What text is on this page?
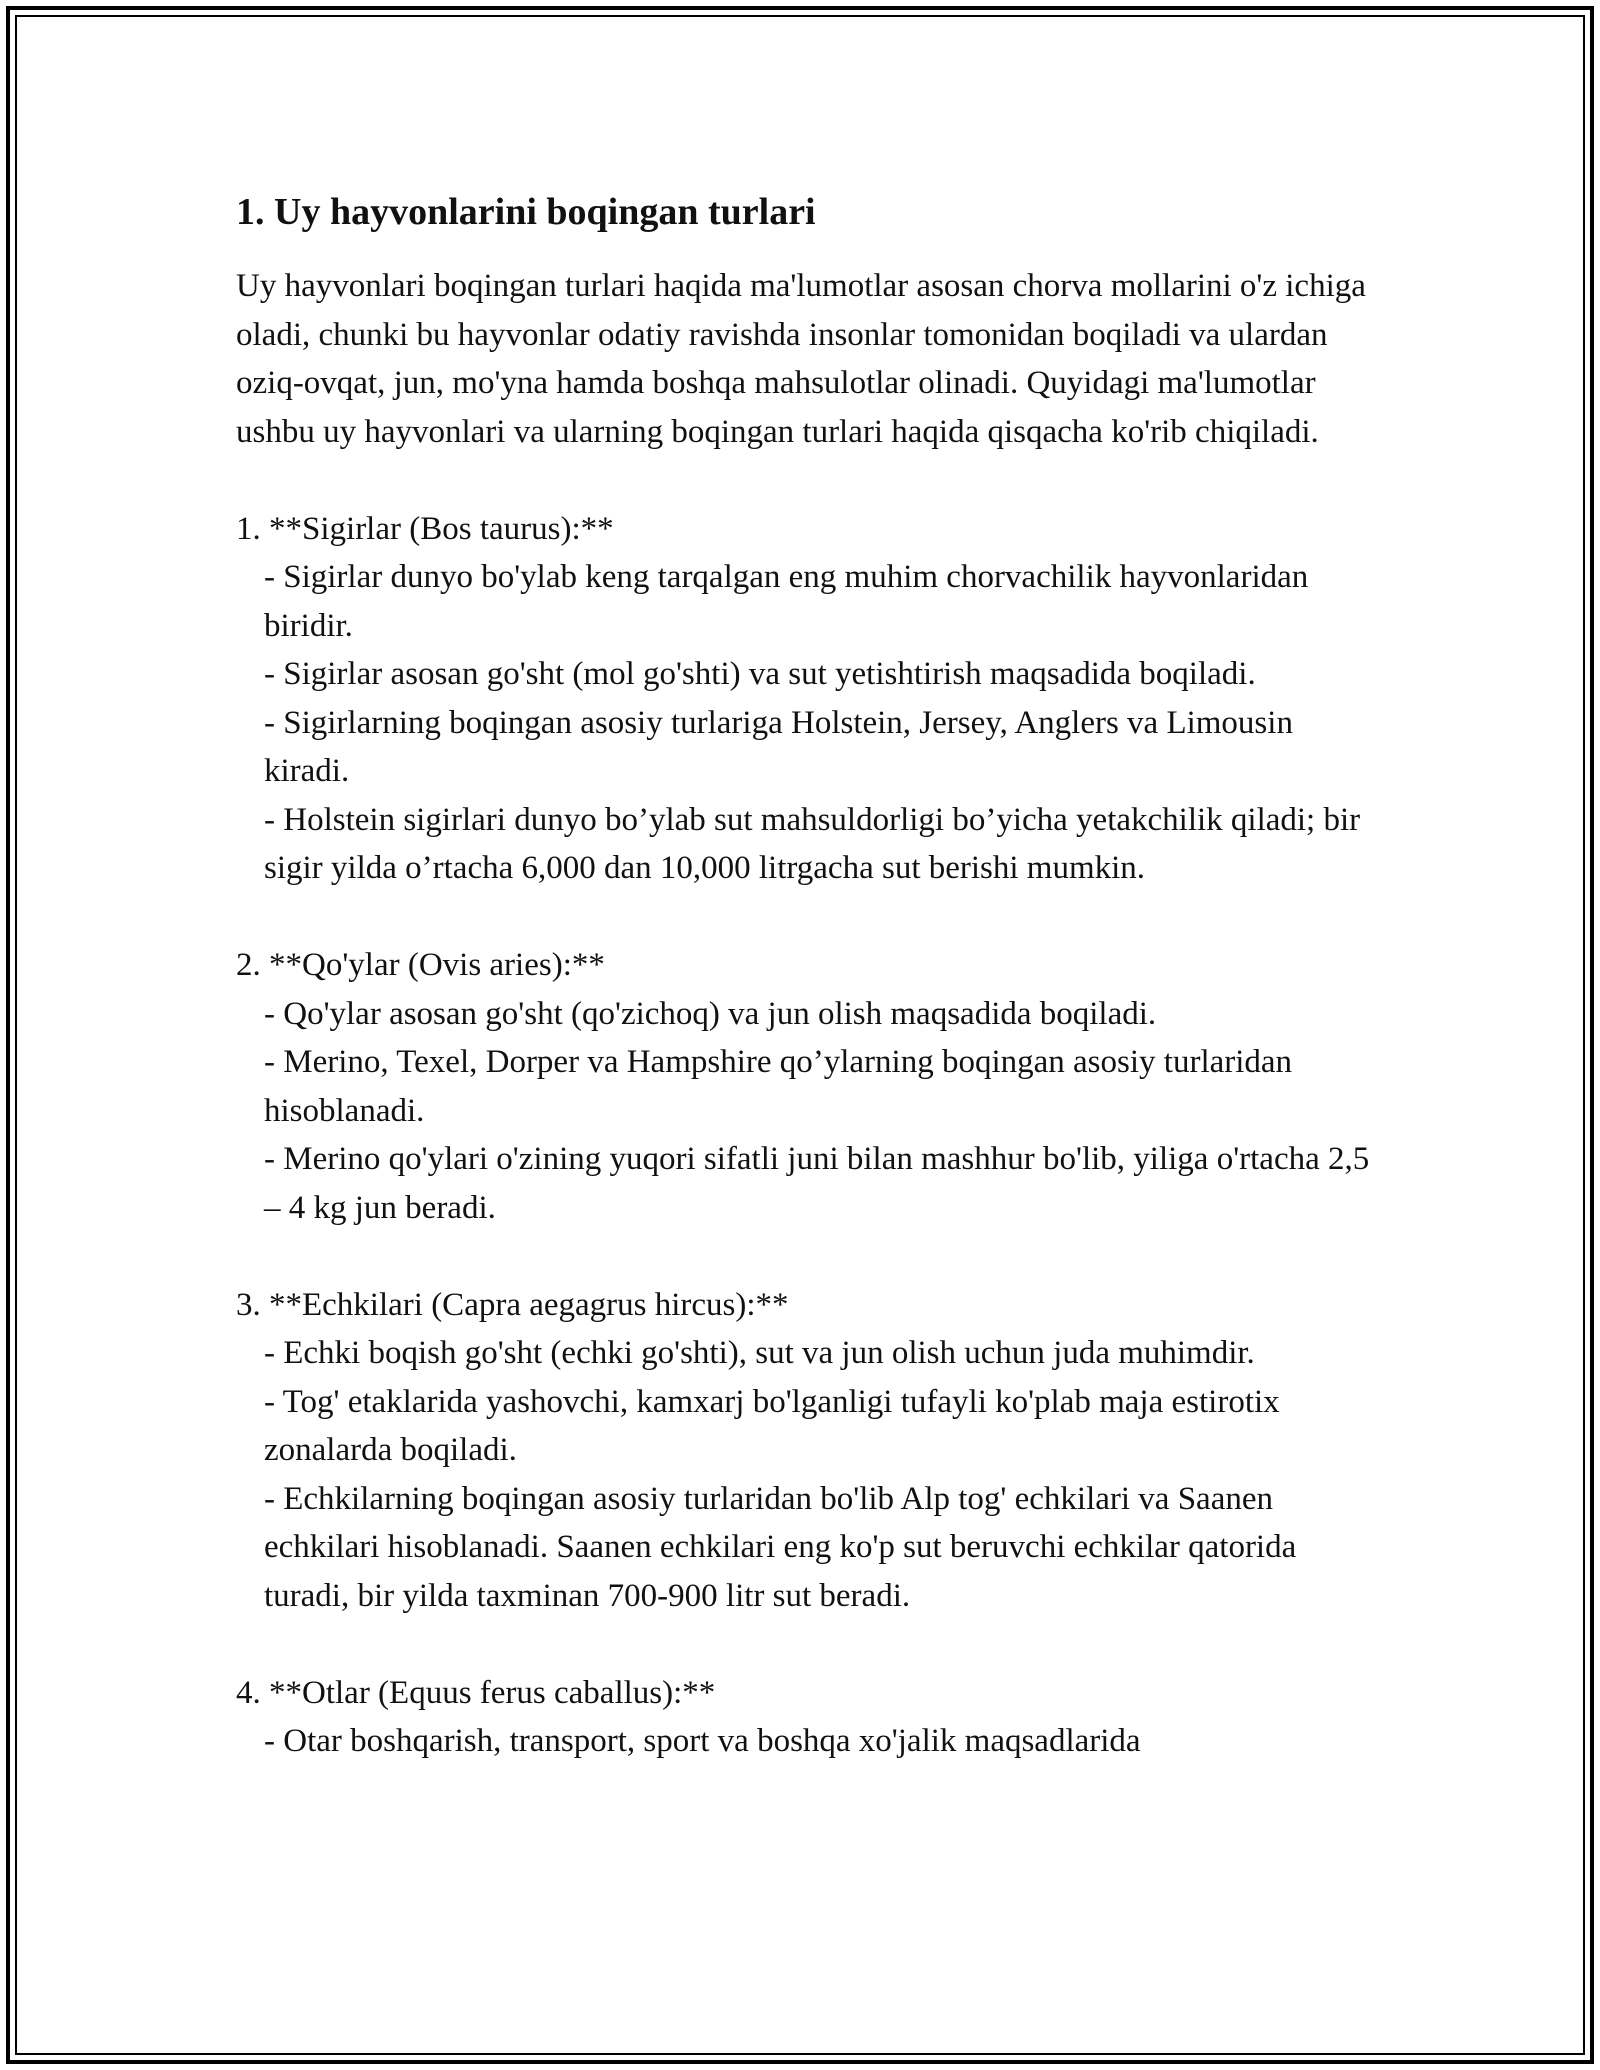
1. Uy hayvonlarini boqingan turlari

Uy hayvonlari boqingan turlari haqida ma'lumotlar asosan chorva mollarini o'z ichiga oladi, chunki bu hayvonlar odatiy ravishda insonlar tomonidan boqiladi va ulardan oziq-ovqat, jun, mo'yna hamda boshqa mahsulotlar olinadi. Quyidagi ma'lumotlar ushbu uy hayvonlari va ularning boqingan turlari haqida qisqacha ko'rib chiqiladi.

1. **Sigirlar (Bos taurus):**

- Sigirlar dunyo bo'ylab keng tarqalgan eng muhim chorvachilik hayvonlaridan biridir.

- Sigirlar asosan go'sht (mol go'shti) va sut yetishtirish maqsadida boqiladi.

- Sigirlarning boqingan asosiy turlariga Holstein, Jersey, Anglers va Limousin kiradi.

- Holstein sigirlari dunyo bo’ylab sut mahsuldorligi bo’yicha yetakchilik qiladi; bir sigir yilda o’rtacha 6,000 dan 10,000 litrgacha sut berishi mumkin.

2. **Qo'ylar (Ovis aries):**

- Qo'ylar asosan go'sht (qo'zichoq) va jun olish maqsadida boqiladi.

- Merino, Texel, Dorper va Hampshire qo’ylarning boqingan asosiy turlaridan hisoblanadi.

- Merino qo'ylari o'zining yuqori sifatli juni bilan mashhur bo'lib, yiliga o'rtacha 2,5 – 4 kg jun beradi.

3. **Echkilari (Capra aegagrus hircus):**

- Echki boqish go'sht (echki go'shti), sut va jun olish uchun juda muhimdir.

- Tog' etaklarida yashovchi, kamxarj bo'lganligi tufayli ko'plab maja estirotix zonalarda boqiladi.

- Echkilarning boqingan asosiy turlaridan bo'lib Alp tog' echkilari va Saanen echkilari hisoblanadi. Saanen echkilari eng ko'p sut beruvchi echkilar qatorida turadi, bir yilda taxminan 700-900 litr sut beradi.

4. **Otlar (Equus ferus caballus):**

- Otar boshqarish, transport, sport va boshqa xo'jalik maqsadlarida
